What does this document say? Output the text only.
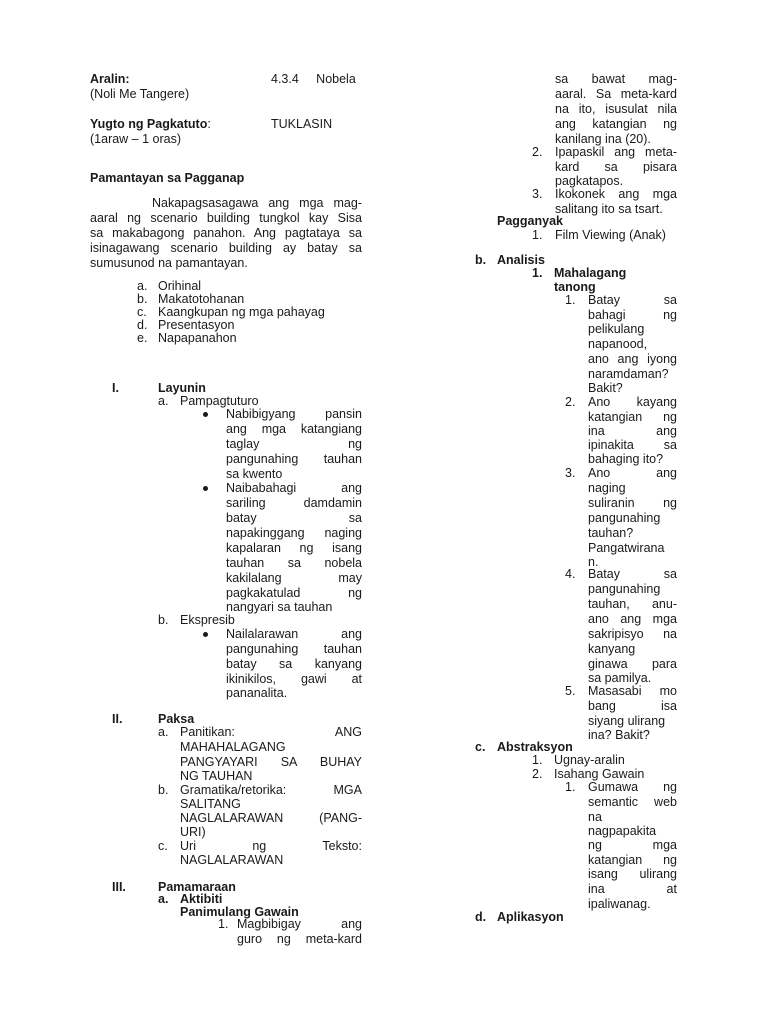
Aralin:	4.3.4     Nobela
(Noli Me Tangere)
Yugto ng Pagkatuto:	TUKLASIN
(1araw – 1 oras)
Pamantayan sa Pagganap
Nakapagsasagawa ang mga mag-
aaral ng scenario building tungkol kay Sisa
sa makabagong panahon. Ang pagtataya sa
isinagawang scenario building ay batay sa
sumusunod na pamantayan.
a. Orihinal
b. Makatotohanan
c. Kaangkupan ng mga pahayag
d. Presentasyon
e. Napapanahon
I.	Layunin
a. Pampagtuturo
Nabibigyang pansin
ang mga katangiang
taglay ng
pangunahing tauhan
sa kwento
Naibabahagi ang
sariling damdamin
batay sa
napakinggang naging
kapalaran ng isang
tauhan sa nobela
kakilalang may
pagkakatulad ng
nangyari sa tauhan
b. Ekspresib
Nailalarawan ang
pangunahing tauhan
batay sa kanyang
ikinikilos, gawi at
pananalita.
II.	Paksa
a. Panitikan: ANG
MAHAHALAGANG
PANGYAYARI SA BUHAY
NG TAUHAN
b. Gramatika/retorika: MGA
SALITANG
NAGLALARAWAN (PANG-
URI)
c. Uri ng Teksto:
NAGLALARAWAN
III.	Pamamaraan
a. Aktibiti
Panimulang Gawain
1. Magbibigay ang
guro ng meta-kard
sa bawat mag-
aaral. Sa meta-kard
na ito, isusulat nila
ang katangian ng
kanilang ina (20).
2. Ipapaskil ang meta-
kard sa pisara
pagkatapos.
3. Ikokonek ang mga
salitang ito sa tsart.
Pagganyak
1. Film Viewing (Anak)
b. Analisis
1. Mahalagang
tanong
1. Batay sa
bahagi ng
pelikulang
napanood,
ano ang iyong
naramdaman?
Bakit?
2. Ano kayang
katangian ng
ina ang
ipinakita sa
bahaging ito?
3. Ano ang
naging
suliranin ng
pangunahing
tauhan?
Pangatwirana
n.
4. Batay sa
pangunahing
tauhan, anu-
ano ang mga
sakripisyo na
kanyang
ginawa para
sa pamilya.
5. Masasabi mo
bang isa
siyang ulirang
ina? Bakit?
c. Abstraksyon
1. Ugnay-aralin
2. Isahang Gawain
1. Gumawa ng
semantic web
na
nagpapakita
ng mga
katangian ng
isang ulirang
ina at
ipaliwanag.
d. Aplikasyon
